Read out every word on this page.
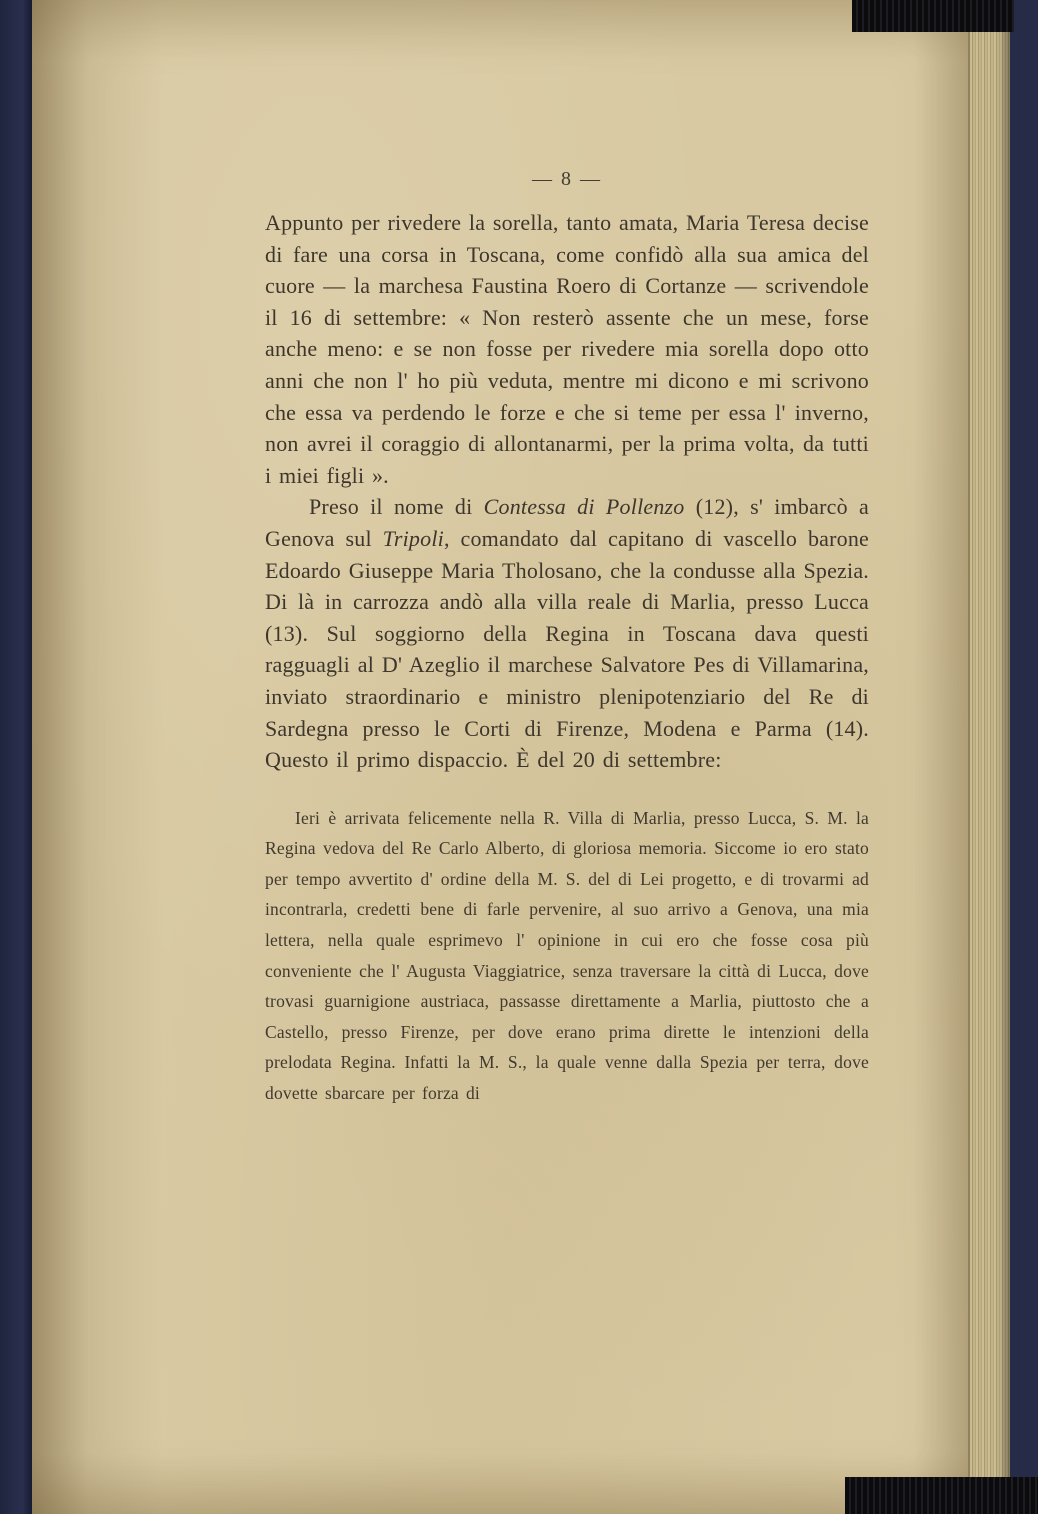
— 8 —

Appunto per rivedere la sorella, tanto amata, Maria Teresa decise di fare una corsa in Toscana, come confidò alla sua amica del cuore — la marchesa Faustina Roero di Cortanze — scrivendole il 16 di settembre: « Non resterò assente che un mese, forse anche meno: e se non fosse per rivedere mia sorella dopo otto anni che non l' ho più veduta, mentre mi dicono e mi scrivono che essa va perdendo le forze e che si teme per essa l' inverno, non avrei il coraggio di allontanarmi, per la prima volta, da tutti i miei figli ».

Preso il nome di Contessa di Pollenzo (12), s' imbarcò a Genova sul Tripoli, comandato dal capitano di vascello barone Edoardo Giuseppe Maria Tholosano, che la condusse alla Spezia. Di là in carrozza andò alla villa reale di Marlia, presso Lucca (13). Sul soggiorno della Regina in Toscana dava questi ragguagli al D' Azeglio il marchese Salvatore Pes di Villamarina, inviato straordinario e ministro plenipotenziario del Re di Sardegna presso le Corti di Firenze, Modena e Parma (14). Questo il primo dispaccio. È del 20 di settembre:

Ieri è arrivata felicemente nella R. Villa di Marlia, presso Lucca, S. M. la Regina vedova del Re Carlo Alberto, di gloriosa memoria. Siccome io ero stato per tempo avvertito d' ordine della M. S. del di Lei progetto, e di trovarmi ad incontrarla, credetti bene di farle pervenire, al suo arrivo a Genova, una mia lettera, nella quale esprimevo l' opinione in cui ero che fosse cosa più conveniente che l' Augusta Viaggiatrice, senza traversare la città di Lucca, dove trovasi guarnigione austriaca, passasse direttamente a Marlia, piuttosto che a Castello, presso Firenze, per dove erano prima dirette le intenzioni della prelodata Regina. Infatti la M. S., la quale venne dalla Spezia per terra, dove dovette sbarcare per forza di
